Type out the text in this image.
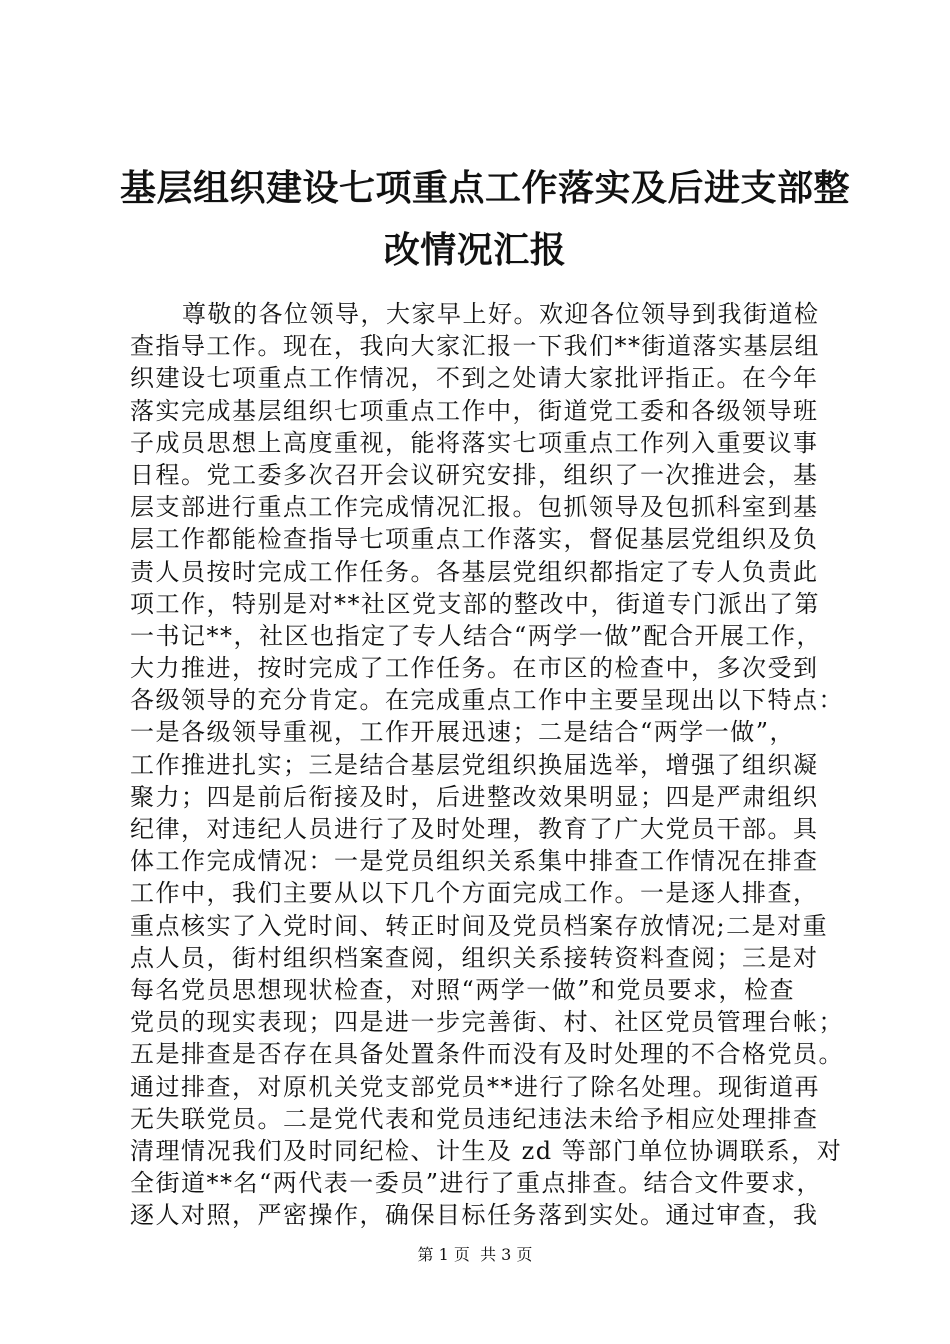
基层组织建设七项重点工作落实及后进支部整
改情况汇报
尊敬的各位领导，大家早上好。欢迎各位领导到我街道检
查指导工作。现在，我向大家汇报一下我们**街道落实基层组
织建设七项重点工作情况，不到之处请大家批评指正。在今年
落实完成基层组织七项重点工作中，街道党工委和各级领导班
子成员思想上高度重视，能将落实七项重点工作列入重要议事
日程。党工委多次召开会议研究安排，组织了一次推进会，基
层支部进行重点工作完成情况汇报。包抓领导及包抓科室到基
层工作都能检查指导七项重点工作落实，督促基层党组织及负
责人员按时完成工作任务。各基层党组织都指定了专人负责此
项工作，特别是对**社区党支部的整改中，街道专门派出了第
一书记**，社区也指定了专人结合“两学一做”配合开展工作，
大力推进，按时完成了工作任务。在市区的检查中，多次受到
各级领导的充分肯定。在完成重点工作中主要呈现出以下特点：
一是各级领导重视，工作开展迅速；二是结合“两学一做”，
工作推进扎实；三是结合基层党组织换届选举，增强了组织凝
聚力；四是前后衔接及时，后进整改效果明显；四是严肃组织
纪律，对违纪人员进行了及时处理，教育了广大党员干部。具
体工作完成情况：一是党员组织关系集中排查工作情况在排查
工作中，我们主要从以下几个方面完成工作。一是逐人排查，
重点核实了入党时间、转正时间及党员档案存放情况;二是对重
点人员，街村组织档案查阅，组织关系接转资料查阅；三是对
每名党员思想现状检查，对照“两学一做”和党员要求，检查
党员的现实表现；四是进一步完善街、村、社区党员管理台帐；
五是排查是否存在具备处置条件而没有及时处理的不合格党员。
通过排查，对原机关党支部党员**进行了除名处理。现街道再
无失联党员。二是党代表和党员违纪违法未给予相应处理排查
清理情况我们及时同纪检、计生及 zd 等部门单位协调联系，对
全街道**名“两代表一委员”进行了重点排查。结合文件要求，
逐人对照，严密操作，确保目标任务落到实处。通过审查，我
第 1 页  共 3 页
